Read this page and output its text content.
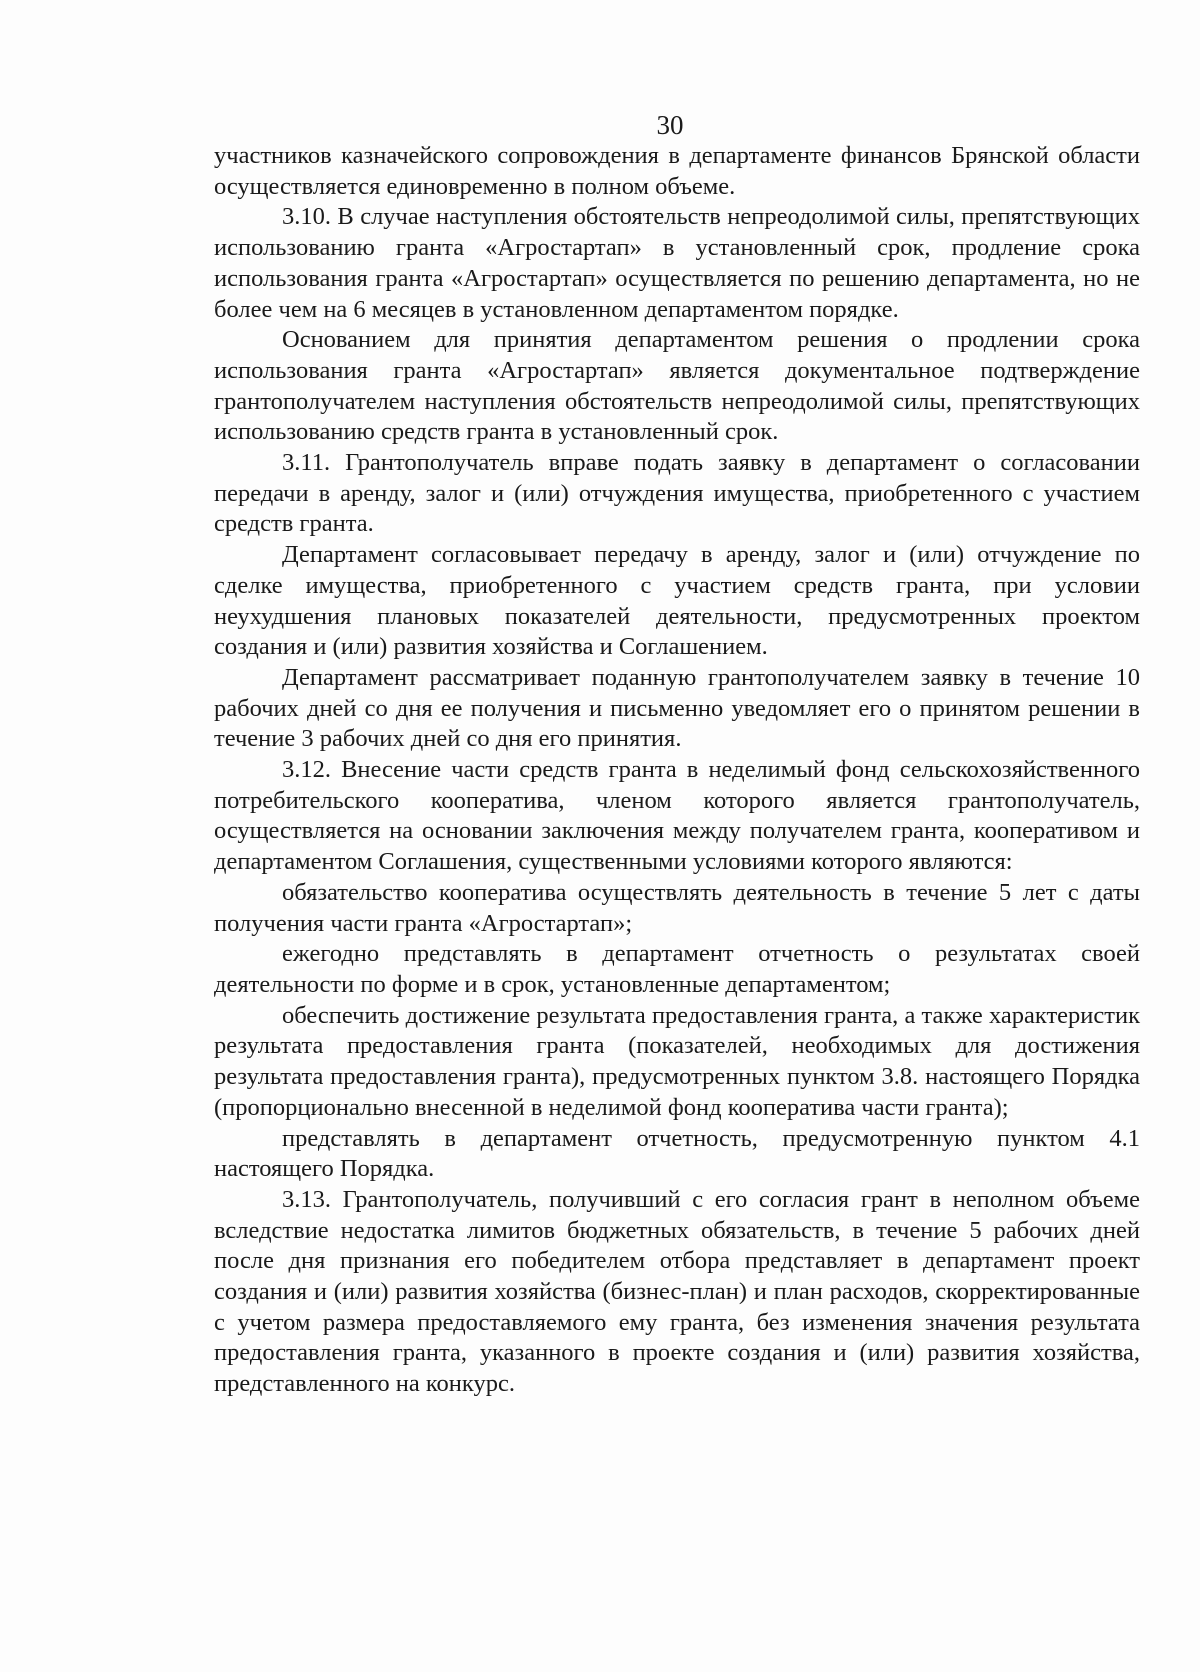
30

участников казначейского сопровождения в департаменте финансов Брянской области осуществляется единовременно в полном объеме.

3.10. В случае наступления обстоятельств непреодолимой силы, препятствующих использованию гранта «Агростартап» в установленный срок, продление срока использования гранта «Агростартап» осуществляется по решению департамента, но не более чем на 6 месяцев в установленном департаментом порядке.

Основанием для принятия департаментом решения о продлении срока использования гранта «Агростартап» является документальное подтверждение грантополучателем наступления обстоятельств непреодолимой силы, препятствующих использованию средств гранта в установленный срок.

3.11. Грантополучатель вправе подать заявку в департамент о согласовании передачи в аренду, залог и (или) отчуждения имущества, приобретенного с участием средств гранта.

Департамент согласовывает передачу в аренду, залог и (или) отчуждение по сделке имущества, приобретенного с участием средств гранта, при условии неухудшения плановых показателей деятельности, предусмотренных проектом создания и (или) развития хозяйства и Соглашением.

Департамент рассматривает поданную грантополучателем заявку в течение 10 рабочих дней со дня ее получения и письменно уведомляет его о принятом решении в течение 3 рабочих дней со дня его принятия.

3.12. Внесение части средств гранта в неделимый фонд сельскохозяйственного потребительского кооператива, членом которого является грантополучатель, осуществляется на основании заключения между получателем гранта, кооперативом и департаментом Соглашения, существенными условиями которого являются:

обязательство кооператива осуществлять деятельность в течение 5 лет с даты получения части гранта «Агростартап»;

ежегодно представлять в департамент отчетность о результатах своей деятельности по форме и в срок, установленные департаментом;

обеспечить достижение результата предоставления гранта, а также характеристик результата предоставления гранта (показателей, необходимых для достижения результата предоставления гранта), предусмотренных пунктом 3.8. настоящего Порядка (пропорционально внесенной в неделимой фонд кооператива части гранта);

представлять в департамент отчетность, предусмотренную пунктом 4.1 настоящего Порядка.

3.13. Грантополучатель, получивший с его согласия грант в неполном объеме вследствие недостатка лимитов бюджетных обязательств, в течение 5 рабочих дней после дня признания его победителем отбора представляет в департамент проект создания и (или) развития хозяйства (бизнес-план) и план расходов, скорректированные с учетом размера предоставляемого ему гранта, без изменения значения результата предоставления гранта, указанного в проекте создания и (или) развития хозяйства, представленного на конкурс.
